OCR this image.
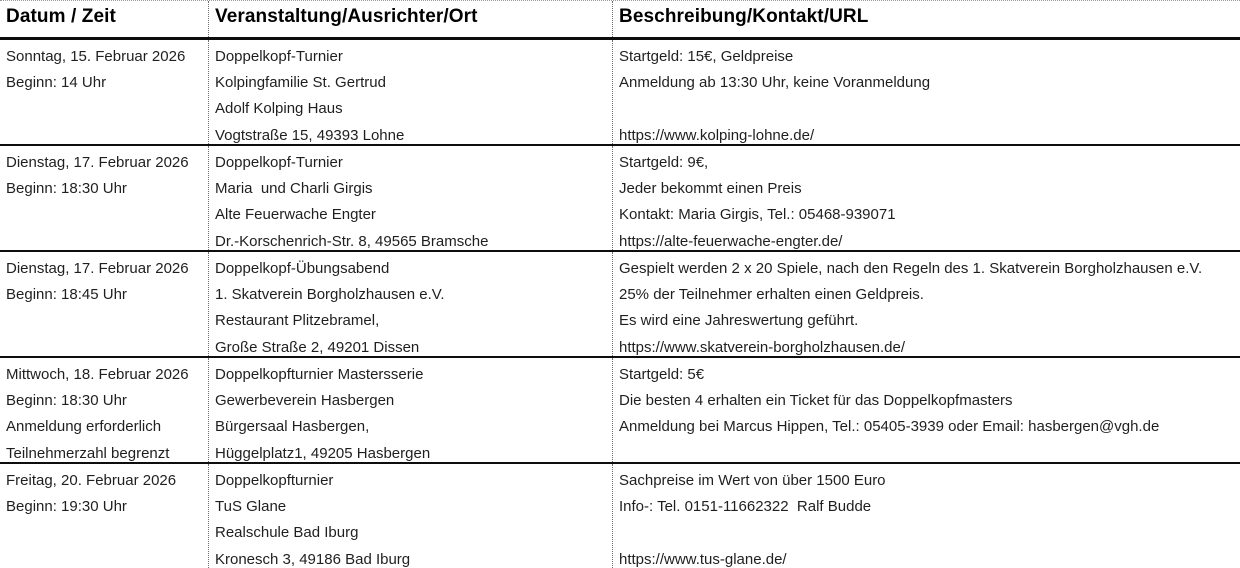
Datum / Zeit	Veranstaltung/Ausrichter/Ort	Beschreibung/Kontakt/URL
Sonntag, 15. Februar 2026
Beginn: 14 Uhr

Doppelkopf-Turnier
Kolpingfamilie St. Gertrud
Adolf Kolping Haus
Vogtstraße 15, 49393 Lohne
Startgeld: 15€, Geldpreise
Anmeldung ab 13:30 Uhr, keine Voranmeldung

https://www.kolping-lohne.de/
Dienstag, 17. Februar 2026
Beginn: 18:30 Uhr

Doppelkopf-Turnier
Maria  und Charli Girgis
Alte Feuerwache Engter
Dr.-Korschenrich-Str. 8, 49565 Bramsche
Startgeld: 9€,
Jeder bekommt einen Preis
Kontakt: Maria Girgis, Tel.: 05468-939071
https://alte-feuerwache-engter.de/
Dienstag, 17. Februar 2026
Beginn: 18:45 Uhr

Doppelkopf-Übungsabend
1. Skatverein Borgholzhausen e.V.
Restaurant Plitzebramel,
Große Straße 2, 49201 Dissen
Gespielt werden 2 x 20 Spiele, nach den Regeln des 1. Skatverein Borgholzhausen e.V.
25% der Teilnehmer erhalten einen Geldpreis.
Es wird eine Jahreswertung geführt.
https://www.skatverein-borgholzhausen.de/
Mittwoch, 18. Februar 2026
Beginn: 18:30 Uhr
Anmeldung erforderlich
Teilnehmerzahl begrenzt
Doppelkopfturnier Mastersserie
Gewerbeverein Hasbergen
Bürgersaal Hasbergen,
Hüggelplatz1, 49205 Hasbergen
Startgeld: 5€
Die besten 4 erhalten ein Ticket für das Doppelkopfmasters
Anmeldung bei Marcus Hippen, Tel.: 05405-3939 oder Email: hasbergen@vgh.de

Freitag, 20. Februar 2026
Beginn: 19:30 Uhr

Doppelkopfturnier
TuS Glane
Realschule Bad Iburg
Kronesch 3, 49186 Bad Iburg
Sachpreise im Wert von über 1500 Euro
Info-: Tel. 0151-11662322  Ralf Budde

https://www.tus-glane.de/
